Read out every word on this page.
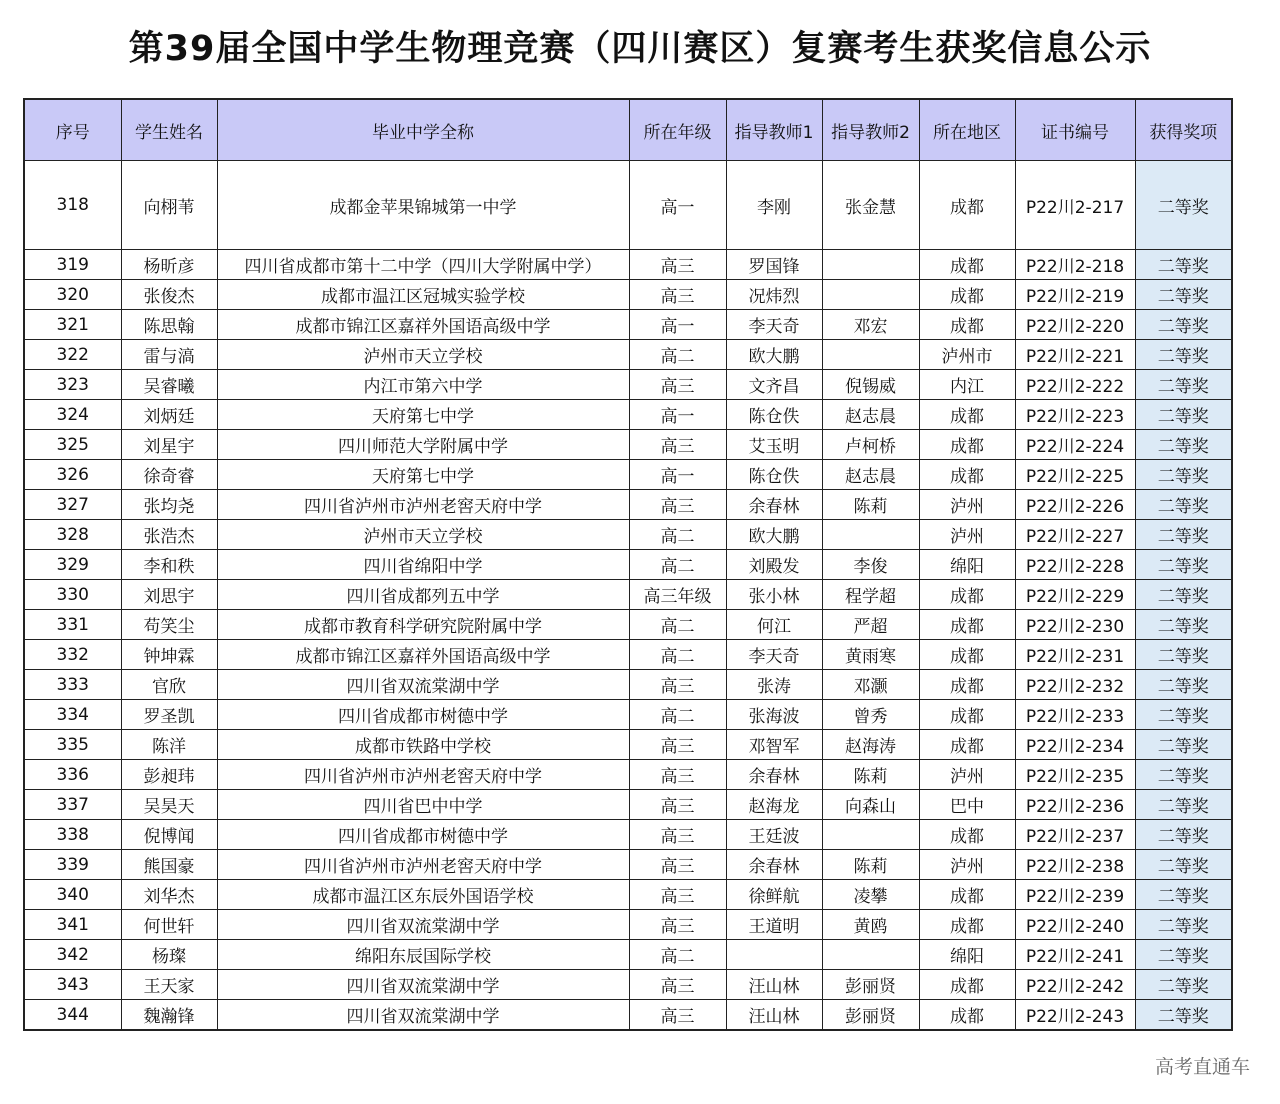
第39届全国中学生物理竞赛（四川赛区）复赛考生获奖信息公示
序号	学生姓名	毕业中学全称	所在年级	指导教师1	指导教师2	所在地区	证书编号	获得奖项
318	向栩苇	成都金苹果锦城第一中学	高一	李刚	张金慧	成都	P22川2-217	二等奖
319	杨昕彦	四川省成都市第十二中学（四川大学附属中学）	高三	罗国锋		成都	P22川2-218	二等奖
320	张俊杰	成都市温江区冠城实验学校	高三	况炜烈		成都	P22川2-219	二等奖
321	陈思翰	成都市锦江区嘉祥外国语高级中学	高一	李天奇	邓宏	成都	P22川2-220	二等奖
322	雷与滈	泸州市天立学校	高二	欧大鹏		泸州市	P22川2-221	二等奖
323	吴睿曦	内江市第六中学	高三	文齐昌	倪锡威	内江	P22川2-222	二等奖
324	刘炳廷	天府第七中学	高一	陈仓佚	赵志晨	成都	P22川2-223	二等奖
325	刘星宇	四川师范大学附属中学	高三	艾玉明	卢柯桥	成都	P22川2-224	二等奖
326	徐奇睿	天府第七中学	高一	陈仓佚	赵志晨	成都	P22川2-225	二等奖
327	张均尧	四川省泸州市泸州老窖天府中学	高三	余春林	陈莉	泸州	P22川2-226	二等奖
328	张浩杰	泸州市天立学校	高二	欧大鹏		泸州	P22川2-227	二等奖
329	李和秩	四川省绵阳中学	高二	刘殿发	李俊	绵阳	P22川2-228	二等奖
330	刘思宇	四川省成都列五中学	高三年级	张小林	程学超	成都	P22川2-229	二等奖
331	苟笑尘	成都市教育科学研究院附属中学	高二	何江	严超	成都	P22川2-230	二等奖
332	钟坤霖	成都市锦江区嘉祥外国语高级中学	高二	李天奇	黄雨寒	成都	P22川2-231	二等奖
333	官欣	四川省双流棠湖中学	高三	张涛	邓灏	成都	P22川2-232	二等奖
334	罗圣凯	四川省成都市树德中学	高二	张海波	曾秀	成都	P22川2-233	二等奖
335	陈洋	成都市铁路中学校	高三	邓智军	赵海涛	成都	P22川2-234	二等奖
336	彭昶玮	四川省泸州市泸州老窖天府中学	高三	余春林	陈莉	泸州	P22川2-235	二等奖
337	吴昊天	四川省巴中中学	高三	赵海龙	向森山	巴中	P22川2-236	二等奖
338	倪博闻	四川省成都市树德中学	高三	王廷波		成都	P22川2-237	二等奖
339	熊国豪	四川省泸州市泸州老窖天府中学	高三	余春林	陈莉	泸州	P22川2-238	二等奖
340	刘华杰	成都市温江区东辰外国语学校	高三	徐鲜航	凌攀	成都	P22川2-239	二等奖
341	何世轩	四川省双流棠湖中学	高三	王道明	黄鸥	成都	P22川2-240	二等奖
342	杨璨	绵阳东辰国际学校	高二			绵阳	P22川2-241	二等奖
343	王天家	四川省双流棠湖中学	高三	汪山林	彭丽贤	成都	P22川2-242	二等奖
344	魏瀚锋	四川省双流棠湖中学	高三	汪山林	彭丽贤	成都	P22川2-243	二等奖
高考直通车
